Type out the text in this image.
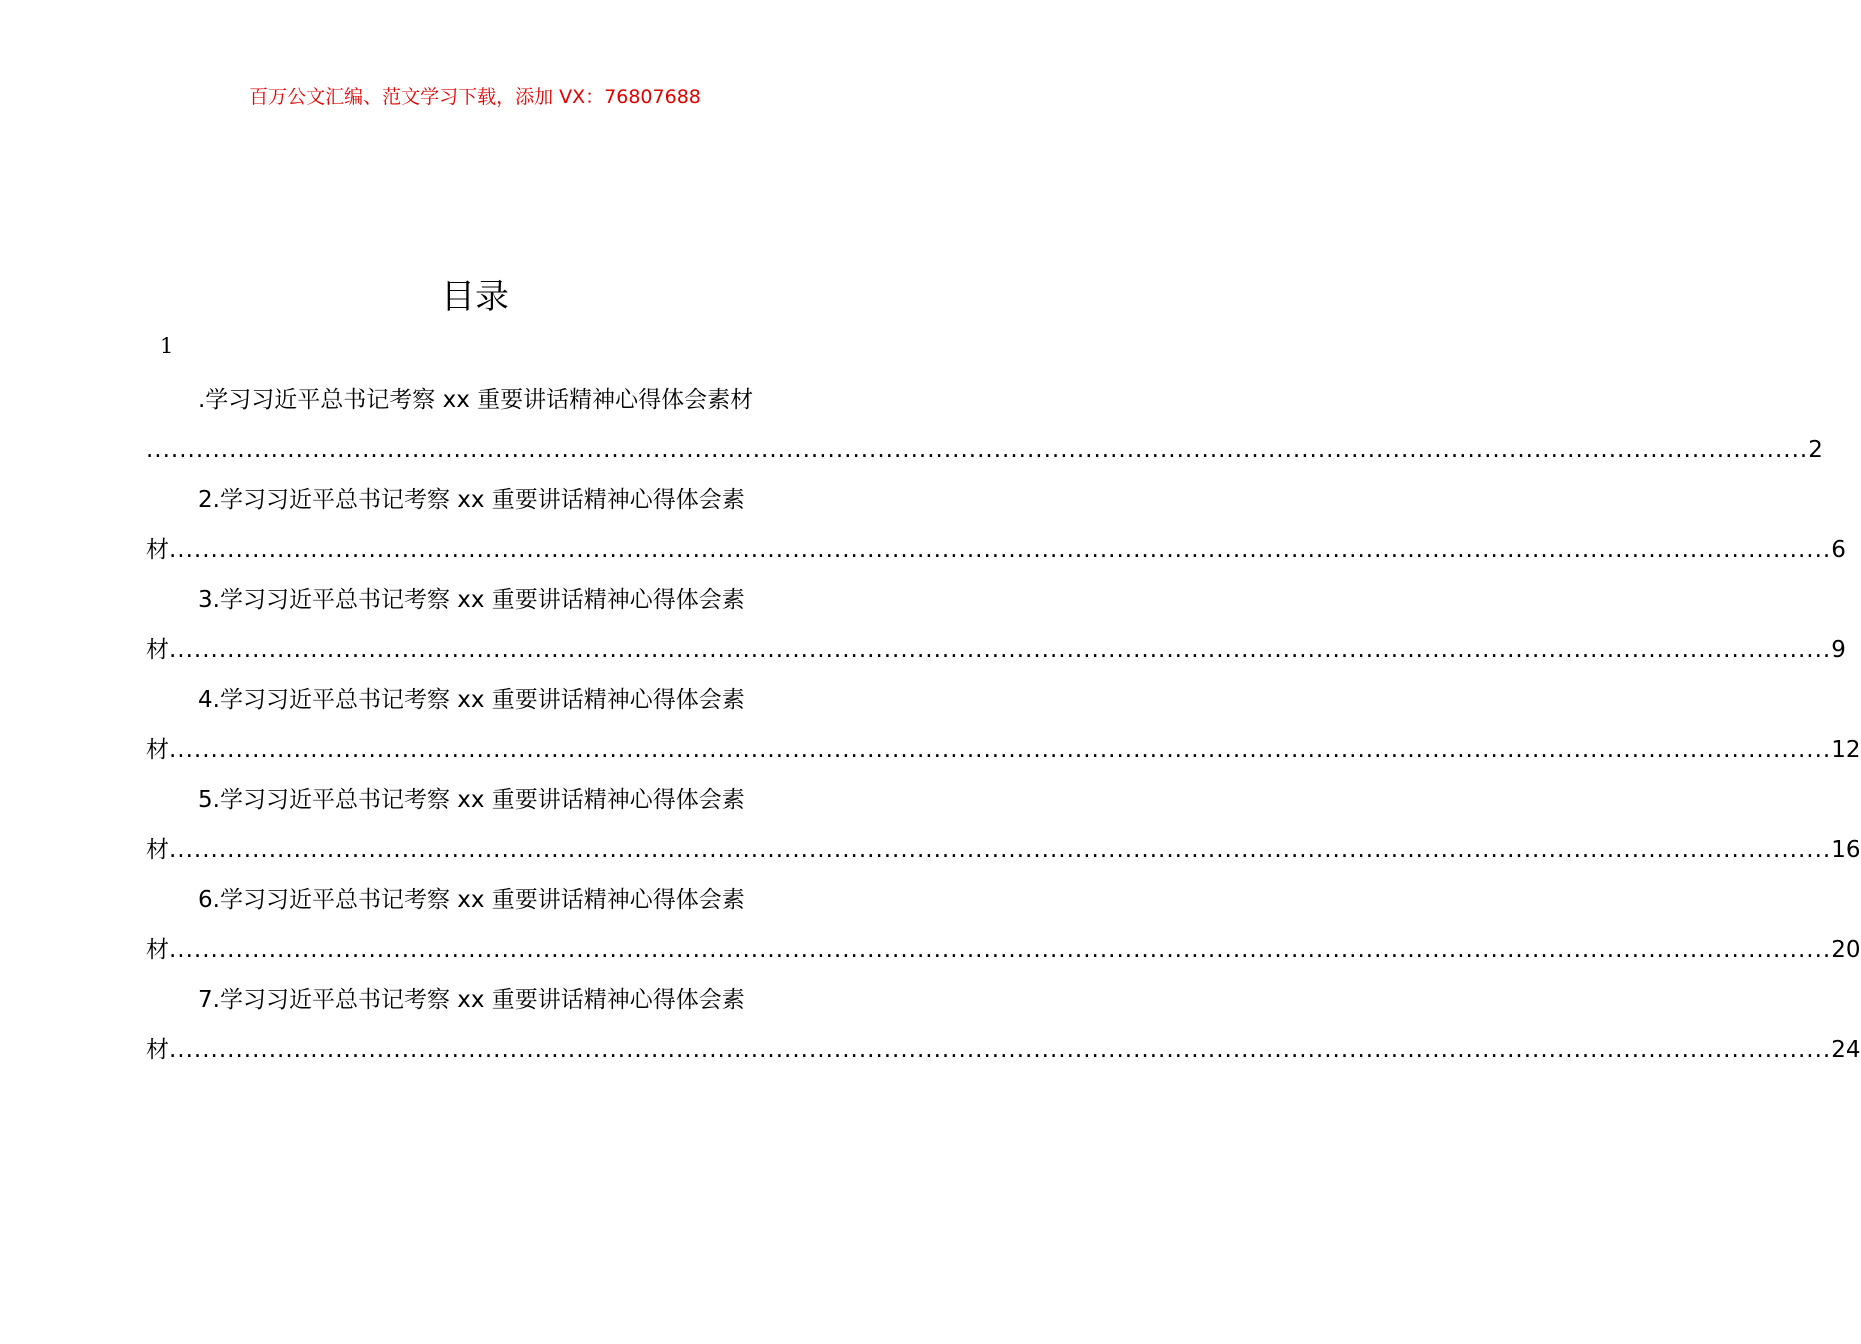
百万公文汇编、范文学习下载，添加 VX：76807688
目录
1
.学习习近平总书记考察 xx 重要讲话精神心得体会素材
........................................................................................................................................................................................................ 2
2.学习习近平总书记考察 xx 重要讲话精神心得体会素
材 ........................................................................................................................................................................................................ 6
3.学习习近平总书记考察 xx 重要讲话精神心得体会素
材 ........................................................................................................................................................................................................ 9
4.学习习近平总书记考察 xx 重要讲话精神心得体会素
材 ........................................................................................................................................................................................................ 12
5.学习习近平总书记考察 xx 重要讲话精神心得体会素
材 ........................................................................................................................................................................................................ 16
6.学习习近平总书记考察 xx 重要讲话精神心得体会素
材 ........................................................................................................................................................................................................ 20
7.学习习近平总书记考察 xx 重要讲话精神心得体会素
材 ........................................................................................................................................................................................................ 24
